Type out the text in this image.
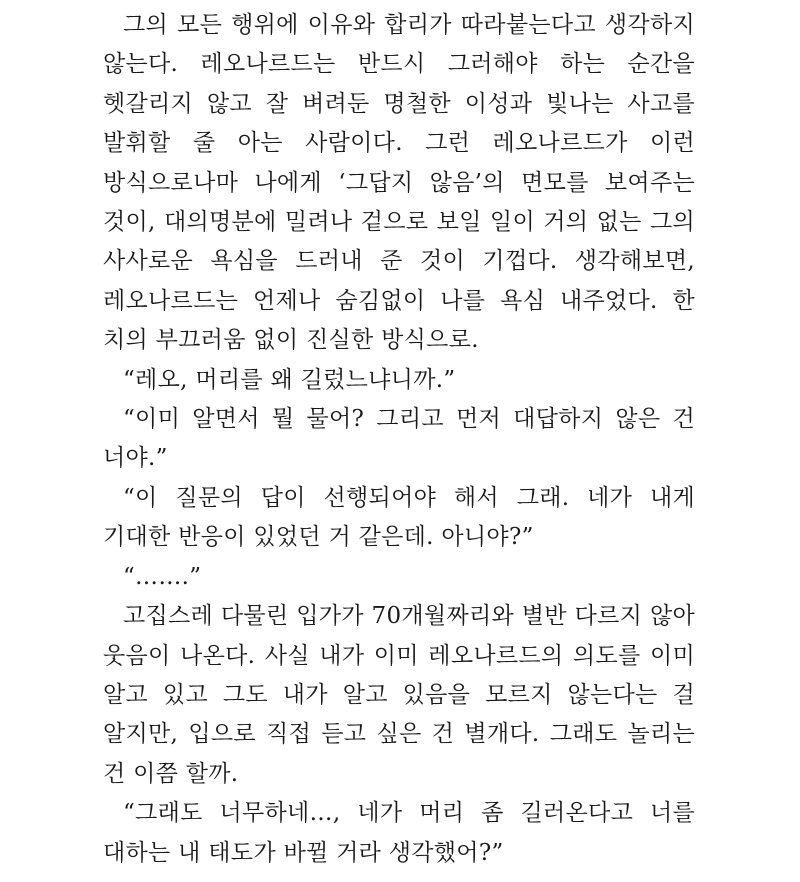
그의 모든 행위에 이유와 합리가 따라붙는다고 생각하지 않는다. 레오나르드는 반드시 그러해야 하는 순간을 헷갈리지 않고 잘 벼려둔 명철한 이성과 빛나는 사고를 발휘할 줄 아는 사람이다. 그런 레오나르드가 이런 방식으로나마 나에게 ‘그답지 않음’의 면모를 보여주는 것이, 대의명분에 밀려나 겉으로 보일 일이 거의 없는 그의 사사로운 욕심을 드러내 준 것이 기껍다. 생각해보면, 레오나르드는 언제나 숨김없이 나를 욕심 내주었다. 한 치의 부끄러움 없이 진실한 방식으로.

“레오, 머리를 왜 길렀느냐니까.”

“이미 알면서 뭘 물어? 그리고 먼저 대답하지 않은 건 너야.”

“이 질문의 답이 선행되어야 해서 그래. 네가 내게 기대한 반응이 있었던 거 같은데. 아니야?”

“…….”

고집스레 다물린 입가가 70개월짜리와 별반 다르지 않아 웃음이 나온다. 사실 내가 이미 레오나르드의 의도를 이미 알고 있고 그도 내가 알고 있음을 모르지 않는다는 걸 알지만, 입으로 직접 듣고 싶은 건 별개다. 그래도 놀리는 건 이쯤 할까.

“그래도 너무하네…, 네가 머리 좀 길러온다고 너를 대하는 내 태도가 바뀔 거라 생각했어?”
